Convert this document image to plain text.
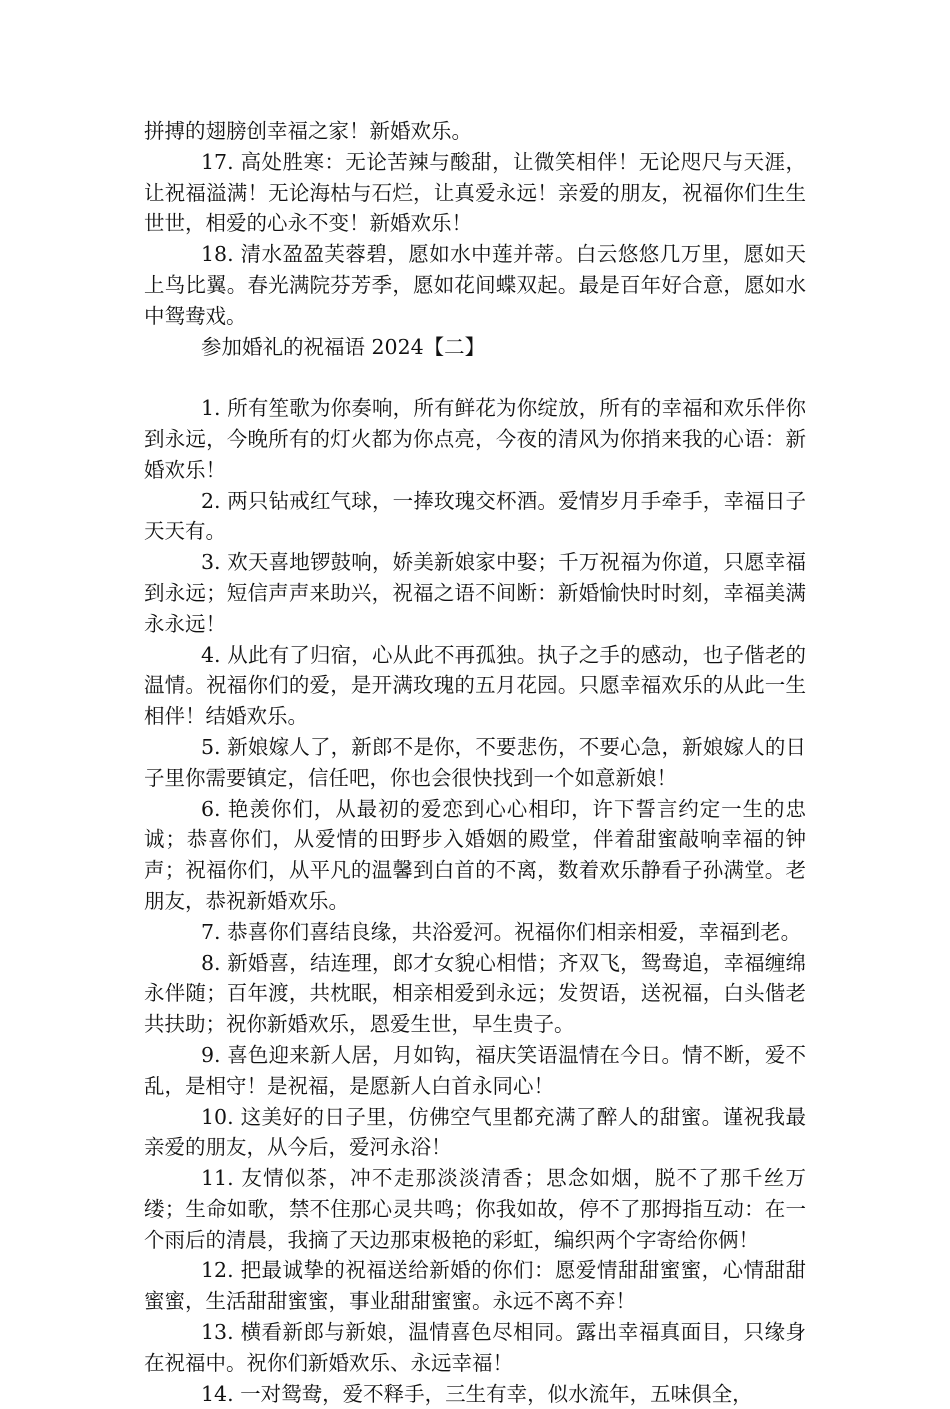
拼搏的翅膀创幸福之家！新婚欢乐。

17. 高处胜寒：无论苦辣与酸甜，让微笑相伴！无论咫尺与天涯，让祝福溢满！无论海枯与石烂，让真爱永远！亲爱的朋友，祝福你们生生世世，相爱的心永不变！新婚欢乐！

18. 清水盈盈芙蓉碧，愿如水中莲并蒂。白云悠悠几万里，愿如天上鸟比翼。春光满院芬芳季，愿如花间蝶双起。最是百年好合意，愿如水中鸳鸯戏。

参加婚礼的祝福语 2024【二】

1. 所有笙歌为你奏响，所有鲜花为你绽放，所有的幸福和欢乐伴你到永远，今晚所有的灯火都为你点亮，今夜的清风为你捎来我的心语：新婚欢乐！

2. 两只钻戒红气球，一捧玫瑰交杯酒。爱情岁月手牵手，幸福日子天天有。

3. 欢天喜地锣鼓响，娇美新娘家中娶；千万祝福为你道，只愿幸福到永远；短信声声来助兴，祝福之语不间断：新婚愉快时时刻，幸福美满永永远！

4. 从此有了归宿，心从此不再孤独。执子之手的感动，也子偕老的温情。祝福你们的爱，是开满玫瑰的五月花园。只愿幸福欢乐的从此一生相伴！结婚欢乐。

5. 新娘嫁人了，新郎不是你，不要悲伤，不要心急，新娘嫁人的日子里你需要镇定，信任吧，你也会很快找到一个如意新娘！

6. 艳羡你们，从最初的爱恋到心心相印，许下誓言约定一生的忠诚；恭喜你们，从爱情的田野步入婚姻的殿堂，伴着甜蜜敲响幸福的钟声；祝福你们，从平凡的温馨到白首的不离，数着欢乐静看子孙满堂。老朋友，恭祝新婚欢乐。

7. 恭喜你们喜结良缘，共浴爱河。祝福你们相亲相爱，幸福到老。

8. 新婚喜，结连理，郎才女貌心相惜；齐双飞，鸳鸯追，幸福缠绵永伴随；百年渡，共枕眠，相亲相爱到永远；发贺语，送祝福，白头偕老共扶助；祝你新婚欢乐，恩爱生世，早生贵子。

9. 喜色迎来新人居，月如钩，福庆笑语温情在今日。情不断，爱不乱，是相守！是祝福，是愿新人白首永同心！

10. 这美好的日子里，仿佛空气里都充满了醉人的甜蜜。谨祝我最亲爱的朋友，从今后，爱河永浴！

11. 友情似茶，冲不走那淡淡清香；思念如烟，脱不了那千丝万缕；生命如歌，禁不住那心灵共鸣；你我如故，停不了那拇指互动：在一个雨后的清晨，我摘了天边那束极艳的彩虹，编织两个字寄给你俩！

12. 把最诚挚的祝福送给新婚的你们：愿爱情甜甜蜜蜜，心情甜甜蜜蜜，生活甜甜蜜蜜，事业甜甜蜜蜜。永远不离不弃！

13. 横看新郎与新娘，温情喜色尽相同。露出幸福真面目，只缘身在祝福中。祝你们新婚欢乐、永远幸福！

14. 一对鸳鸯，爱不释手，三生有幸，似水流年，五味俱全，
